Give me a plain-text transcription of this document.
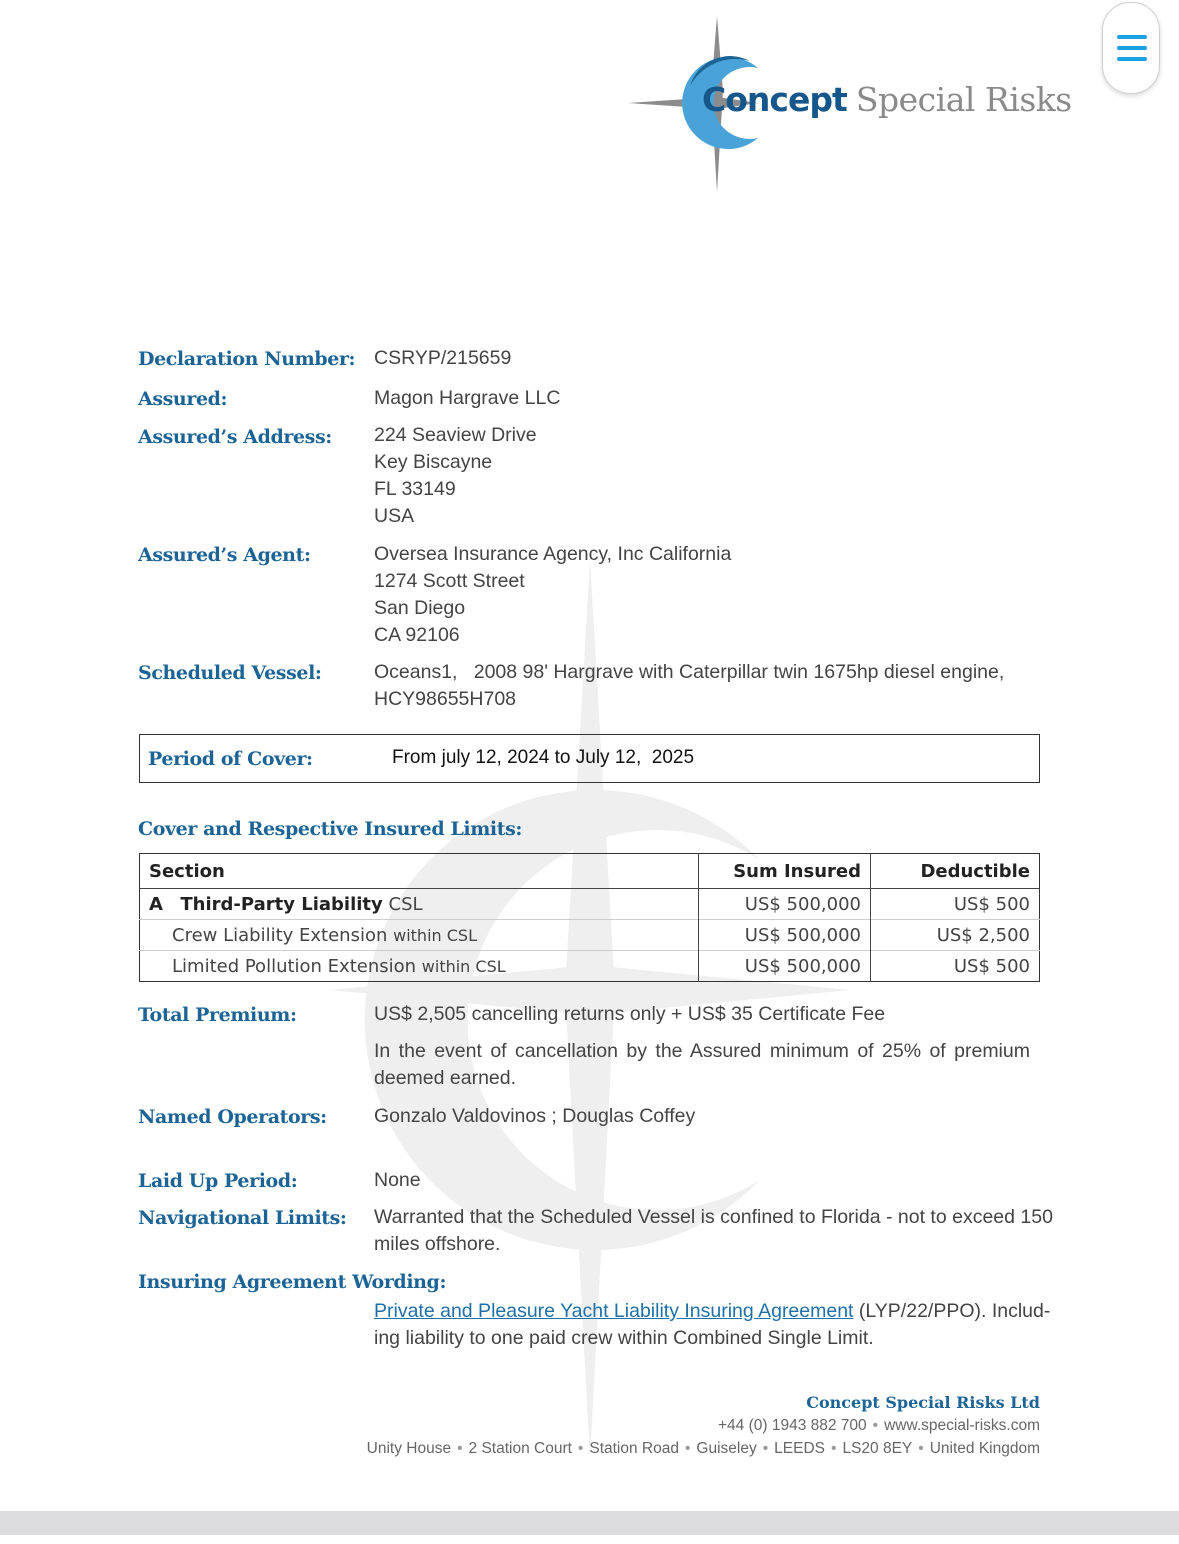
Concept Special Risks
Declaration Number: CSRYP/215659
Assured:	Magon Hargrave LLC
Assured’s Address: 224 Seaview Drive
Key Biscayne
FL 33149
USA
Assured’s Agent:	Oversea Insurance Agency, Inc California
1274 Scott Street
San Diego
CA 92106
Scheduled Vessel:	Oceans1,   2008 98' Hargrave with Caterpillar twin 1675hp diesel engine,
HCY98655H708
Period of Cover:	From july 12, 2024 to July 12,  2025
Cover and Respective Insured Limits:
Section	Sum Insured	Deductible
A Third-Party Liability CSL	US$ 500,000	US$ 500
Crew Liability Extension within CSL	US$ 500,000	US$ 2,500
Limited Pollution Extension within CSL	US$ 500,000	US$ 500
Total Premium:	US$ 2,505 cancelling returns only + US$ 35 Certificate Fee
In the event of cancellation by the Assured minimum of 25% of premium
deemed earned.
Named Operators: Gonzalo Valdovinos ; Douglas Coffey
Laid Up Period:	None
Navigational Limits: Warranted that the Scheduled Vessel is confined to Florida - not to exceed 150
miles offshore.
Insuring Agreement Wording:
Private and Pleasure Yacht Liability Insuring Agreement (LYP/22/PPO). Includ-
ing liability to one paid crew within Combined Single Limit.
Concept Special Risks Ltd
+44 (0) 1943 882 700 • www.special-risks.com
Unity House • 2 Station Court • Station Road • Guiseley • LEEDS • LS20 8EY • United Kingdom
